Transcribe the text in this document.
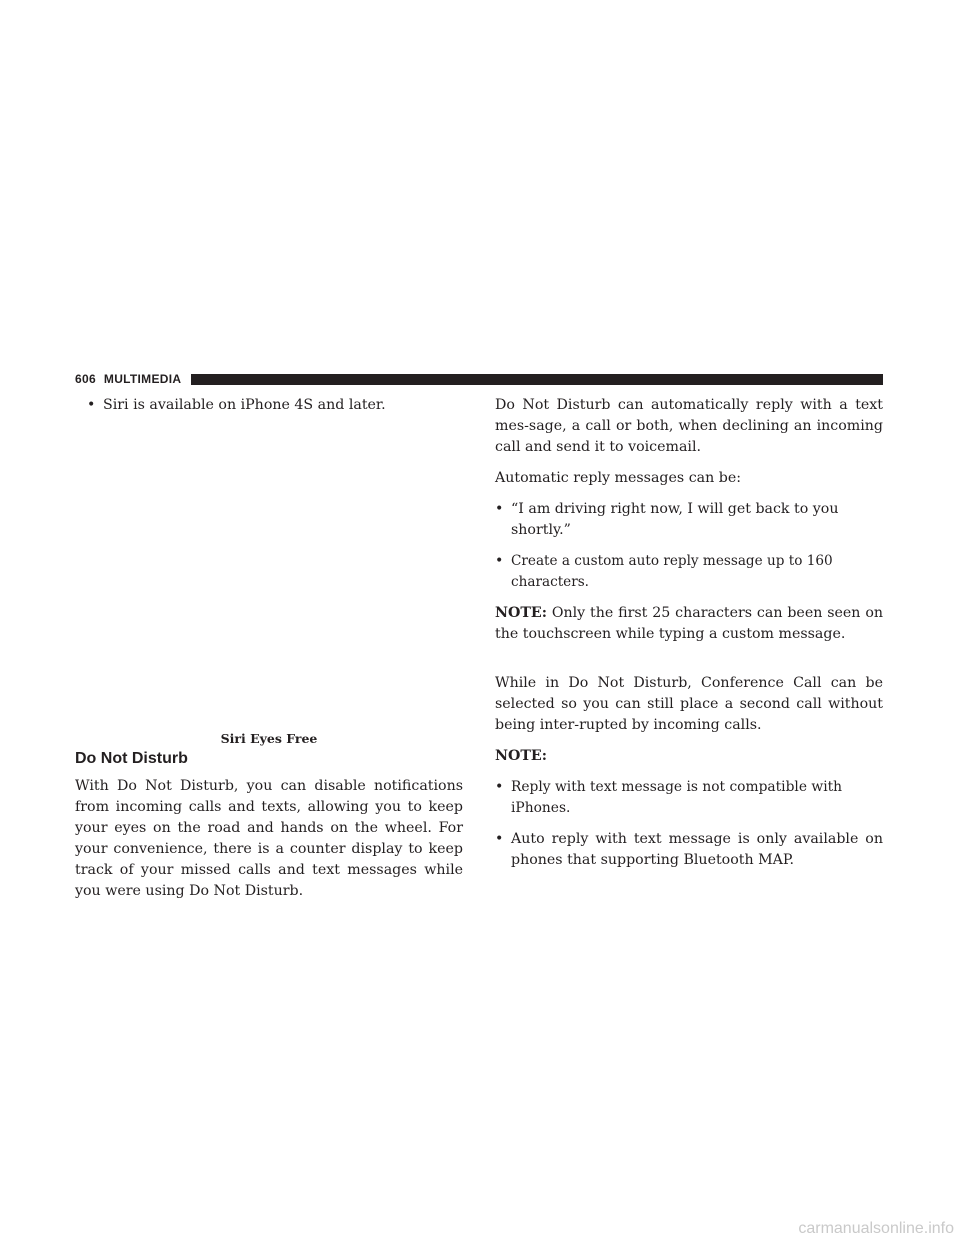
606 MULTIMEDIA
• Siri is available on iPhone 4S and later.
Siri Eyes Free
Do Not Disturb

With Do Not Disturb, you can disable notifications from incoming calls and texts, allowing you to keep your eyes on the road and hands on the wheel. For your convenience, there is a counter display to keep track of your missed calls and text messages while you were using Do Not Disturb.

Do Not Disturb can automatically reply with a text mes-sage, a call or both, when declining an incoming call and send it to voicemail.

Automatic reply messages can be:

• “I am driving right now, I will get back to you shortly.”
• Create a custom auto reply message up to 160 characters.

NOTE: Only the first 25 characters can been seen on the touchscreen while typing a custom message.

While in Do Not Disturb, Conference Call can be selected so you can still place a second call without being inter-rupted by incoming calls.

NOTE:

• Reply with text message is not compatible with iPhones.
• Auto reply with text message is only available on phones that supporting Bluetooth MAP.
carmanualsonline.info
